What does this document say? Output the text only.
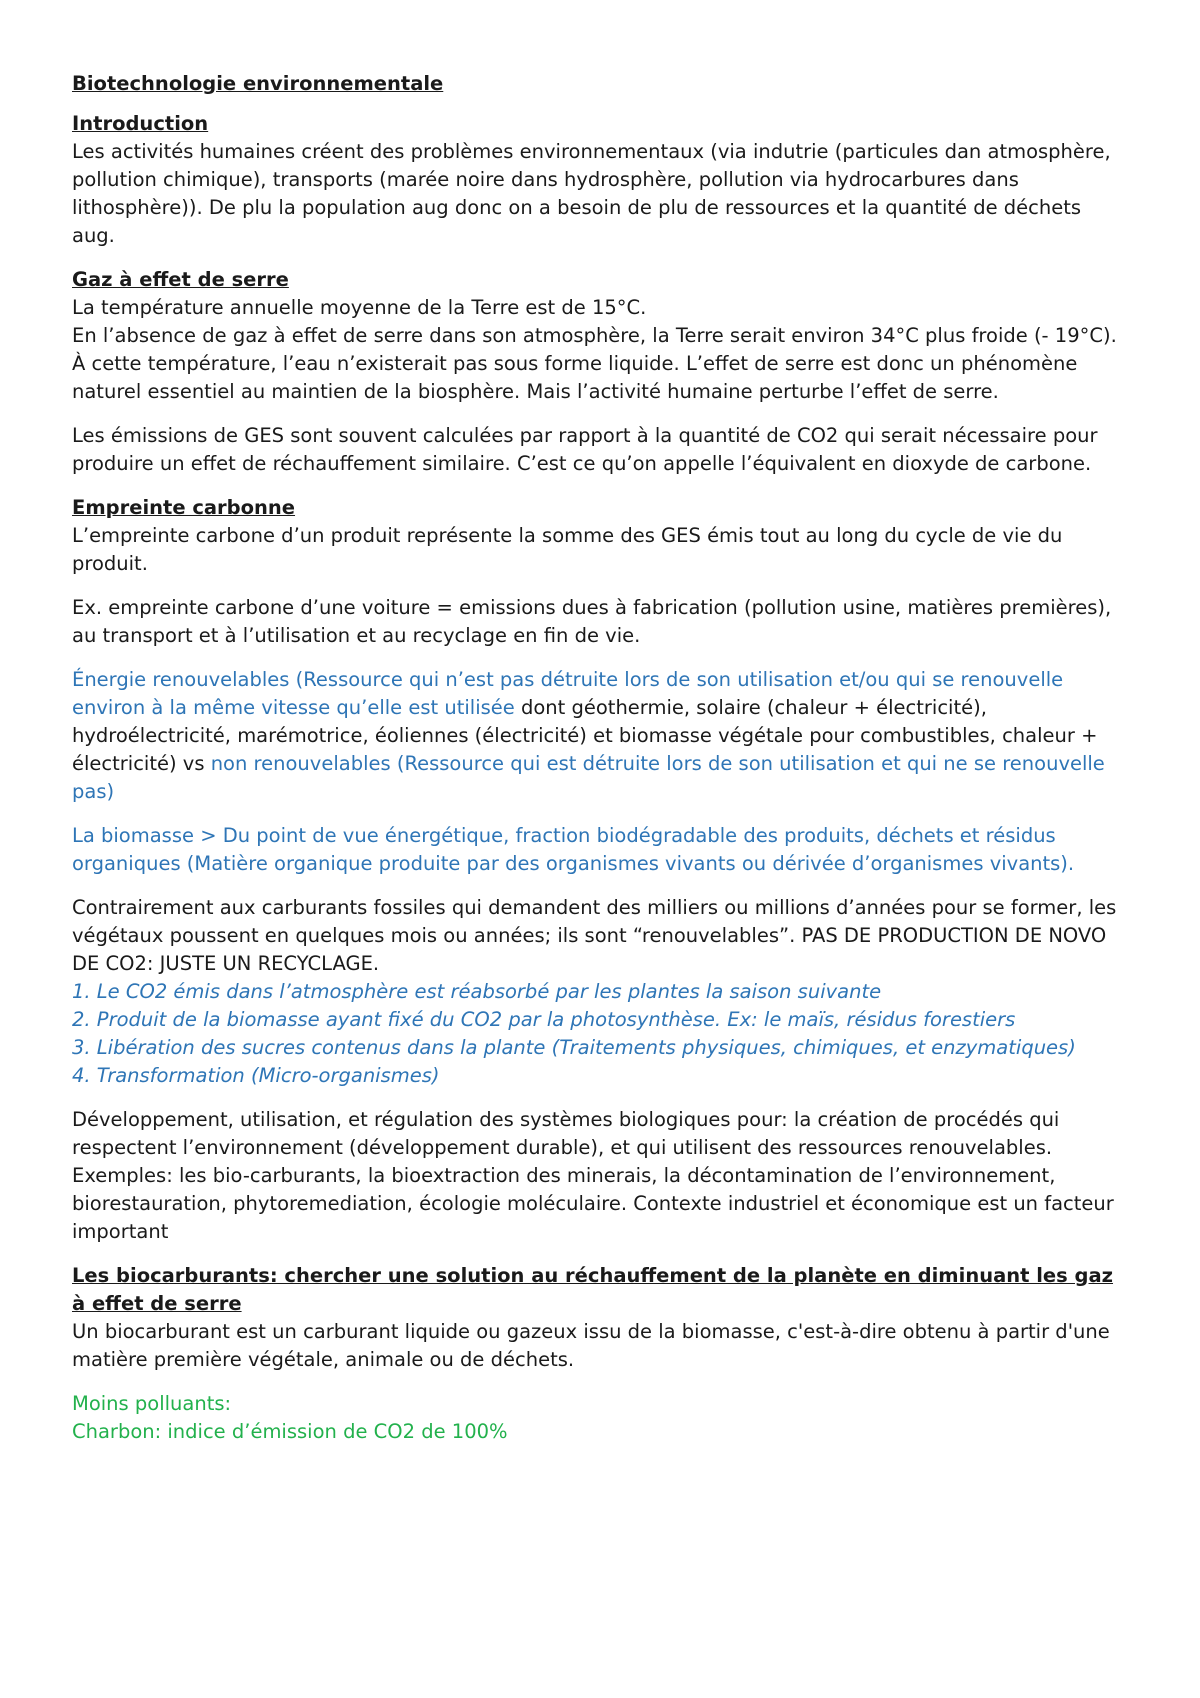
Biotechnologie environnementale
Introduction
Les activités humaines créent des problèmes environnementaux (via indutrie (particules dan atmosphère, pollution chimique), transports (marée noire dans hydrosphère, pollution via hydrocarbures dans lithosphère)). De plu la population aug donc on a besoin de plu de ressources et la quantité de déchets aug.
Gaz à effet de serre
La température annuelle moyenne de la Terre est de 15°C.
En l’absence de gaz à effet de serre dans son atmosphère, la Terre serait environ 34°C plus froide (- 19°C). À cette température, l’eau n’existerait pas sous forme liquide. L’effet de serre est donc un phénomène naturel essentiel au maintien de la biosphère. Mais l’activité humaine perturbe l’effet de serre.

Les émissions de GES sont souvent calculées par rapport à la quantité de CO2 qui serait nécessaire pour produire un effet de réchauffement similaire. C’est ce qu’on appelle l’équivalent en dioxyde de carbone.

Empreinte carbonne
L’empreinte carbone d’un produit représente la somme des GES émis tout au long du cycle de vie du produit.

Ex. empreinte carbone d’une voiture = emissions dues à fabrication (pollution usine, matières premières), au transport et à l’utilisation et au recyclage en fin de vie.

Énergie renouvelables (Ressource qui n’est pas détruite lors de son utilisation et/ou qui se renouvelle environ à la même vitesse qu’elle est utilisée dont géothermie, solaire (chaleur + électricité), hydroélectricité, marémotrice, éoliennes (électricité) et biomasse végétale pour combustibles, chaleur + électricité) vs non renouvelables (Ressource qui est détruite lors de son utilisation et qui ne se renouvelle pas)

La biomasse > Du point de vue énergétique, fraction biodégradable des produits, déchets et résidus organiques (Matière organique produite par des organismes vivants ou dérivée d’organismes vivants).

Contrairement aux carburants fossiles qui demandent des milliers ou millions d’années pour se former, les végétaux poussent en quelques mois ou années; ils sont “renouvelables”. PAS DE PRODUCTION DE NOVO DE CO2: JUSTE UN RECYCLAGE.
1. Le CO2 émis dans l’atmosphère est réabsorbé par les plantes la saison suivante
2. Produit de la biomasse ayant fixé du CO2 par la photosynthèse. Ex: le maïs, résidus forestiers
3. Libération des sucres contenus dans la plante (Traitements physiques, chimiques, et enzymatiques)
4. Transformation (Micro-organismes)
Développement, utilisation, et régulation des systèmes biologiques pour: la création de procédés qui respectent l’environnement (développement durable), et qui utilisent des ressources renouvelables.
Exemples: les bio-carburants, la bioextraction des minerais, la décontamination de l’environnement, biorestauration, phytoremediation, écologie moléculaire. Contexte industriel et économique est un facteur important
Les biocarburants: chercher une solution au réchauffement de la planète en diminuant les gaz à effet de serre
Un biocarburant est un carburant liquide ou gazeux issu de la biomasse, c'est-à-dire obtenu à partir d'une matière première végétale, animale ou de déchets.
Moins polluants:
Charbon: indice d’émission de CO2 de 100%
